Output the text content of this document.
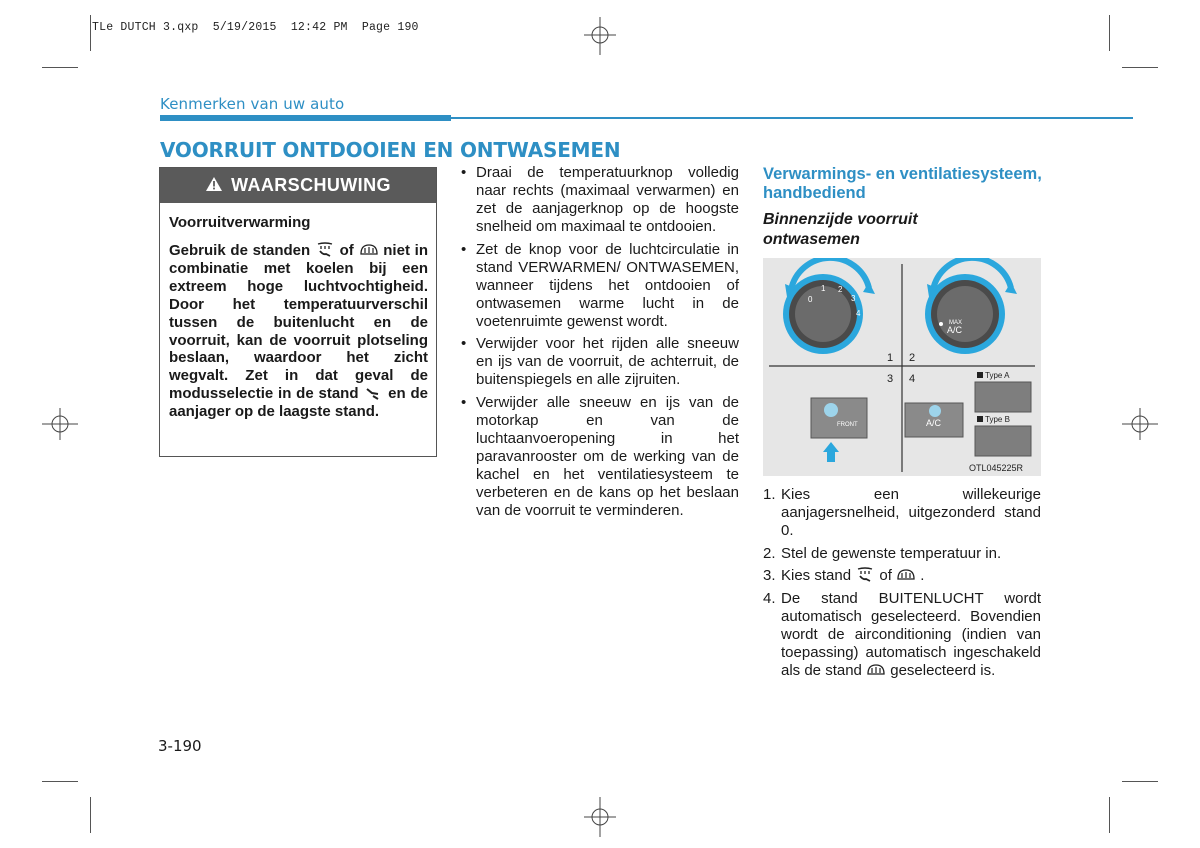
TLe DUTCH 3.qxp  5/19/2015  12:42 PM  Page 190
Kenmerken van uw auto
VOORRUIT ONTDOOIEN EN ONTWASEMEN
WAARSCHUWING
Voorruitverwarming
Gebruik de standen of niet in combinatie met koelen bij een extreem hoge luchtvochtigheid. Door het temperatuurverschil tussen de buitenlucht en de voorruit, kan de voorruit plotseling beslaan, waardoor het zicht wegvalt. Zet in dat geval de modusselectie in de stand en de aanjager op de laagste stand.
• Draai de temperatuurknop volledig naar rechts (maximaal verwarmen) en zet de aanjagerknop op de hoogste snelheid om maximaal te ontdooien.
• Zet de knop voor de luchtcirculatie in stand VERWARMEN/ ONTWASEMEN, wanneer tijdens het ontdooien of ontwasemen warme lucht in de voetenruimte gewenst wordt.
• Verwijder voor het rijden alle sneeuw en ijs van de voorruit, de achterruit, de buitenspiegels en alle zijruiten.
• Verwijder alle sneeuw en ijs van de motorkap en van de luchtaanvoeropening in het paravanrooster om de werking van de kachel en het ventilatiesysteem te verbeteren en de kans op het beslaan van de voorruit te verminderen.
Verwarmings- en ventilatiesysteem, handbediend
Binnenzijde voorruit ontwasemen
0
1 2
3
4
MAX
A/C
1 2
3 4
FRONT	A/C
Type A
Type B
OTL045225R
1. Kies een willekeurige aanjagersnelheid, uitgezonderd stand 0.
2. Stel de gewenste temperatuur in.
3. Kies stand of .
4. De stand BUITENLUCHT wordt automatisch geselecteerd. Bovendien wordt de airconditioning (indien van toepassing) automatisch ingeschakeld als de stand geselecteerd is.
3-190
